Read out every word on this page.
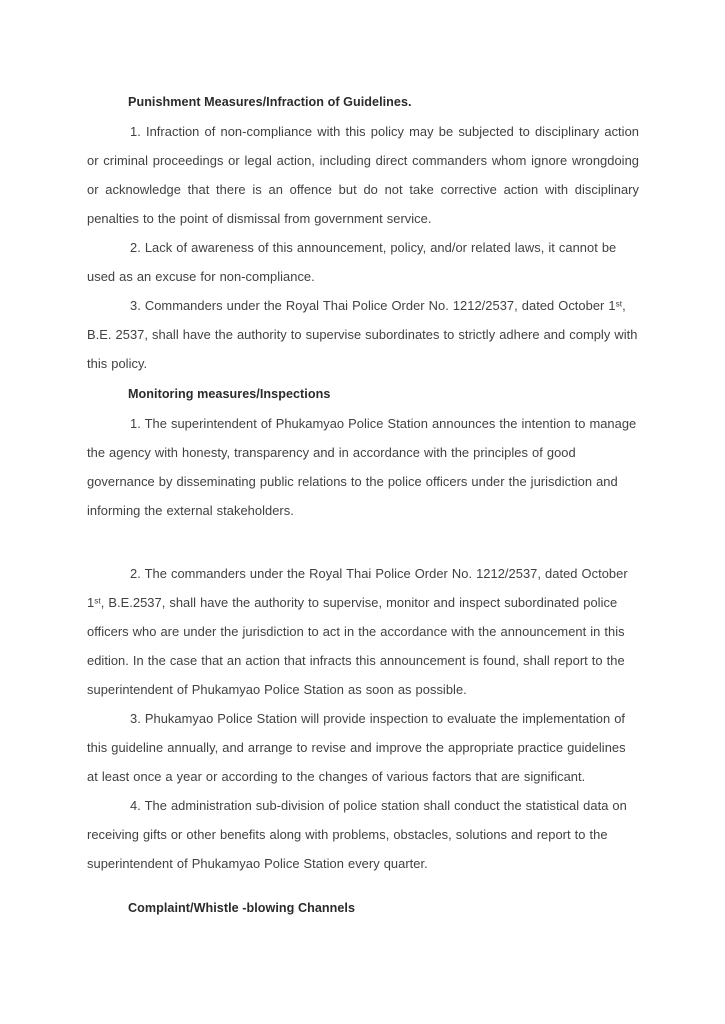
Punishment Measures/Infraction of Guidelines.

1. Infraction of non-compliance with this policy may be subjected to disciplinary action or criminal proceedings or legal action, including direct commanders whom ignore wrongdoing or acknowledge that there is an offence but do not take corrective action with disciplinary penalties to the point of dismissal from government service.

2. Lack of awareness of this announcement, policy, and/or related laws, it cannot be used as an excuse for non-compliance.

3. Commanders under the Royal Thai Police Order No. 1212/2537, dated October 1st, B.E. 2537, shall have the authority to supervise subordinates to strictly adhere and comply with this policy.

Monitoring measures/Inspections

1. The superintendent of Phukamyao Police Station announces the intention to manage the agency with honesty, transparency and in accordance with the principles of good governance by disseminating public relations to the police officers under the jurisdiction and informing the external stakeholders.

2. The commanders under the Royal Thai Police Order No. 1212/2537, dated October 1st, B.E.2537, shall have the authority to supervise, monitor and inspect subordinated police officers who are under the jurisdiction to act in the accordance with the announcement in this edition. In the case that an action that infracts this announcement is found, shall report to the superintendent of Phukamyao Police Station as soon as possible.

3. Phukamyao Police Station will provide inspection to evaluate the implementation of this guideline annually, and arrange to revise and improve the appropriate practice guidelines at least once a year or according to the changes of various factors that are significant.

4. The administration sub-division of police station shall conduct the statistical data on receiving gifts or other benefits along with problems, obstacles, solutions and report to the superintendent of Phukamyao Police Station every quarter.

Complaint/Whistle -blowing Channels
